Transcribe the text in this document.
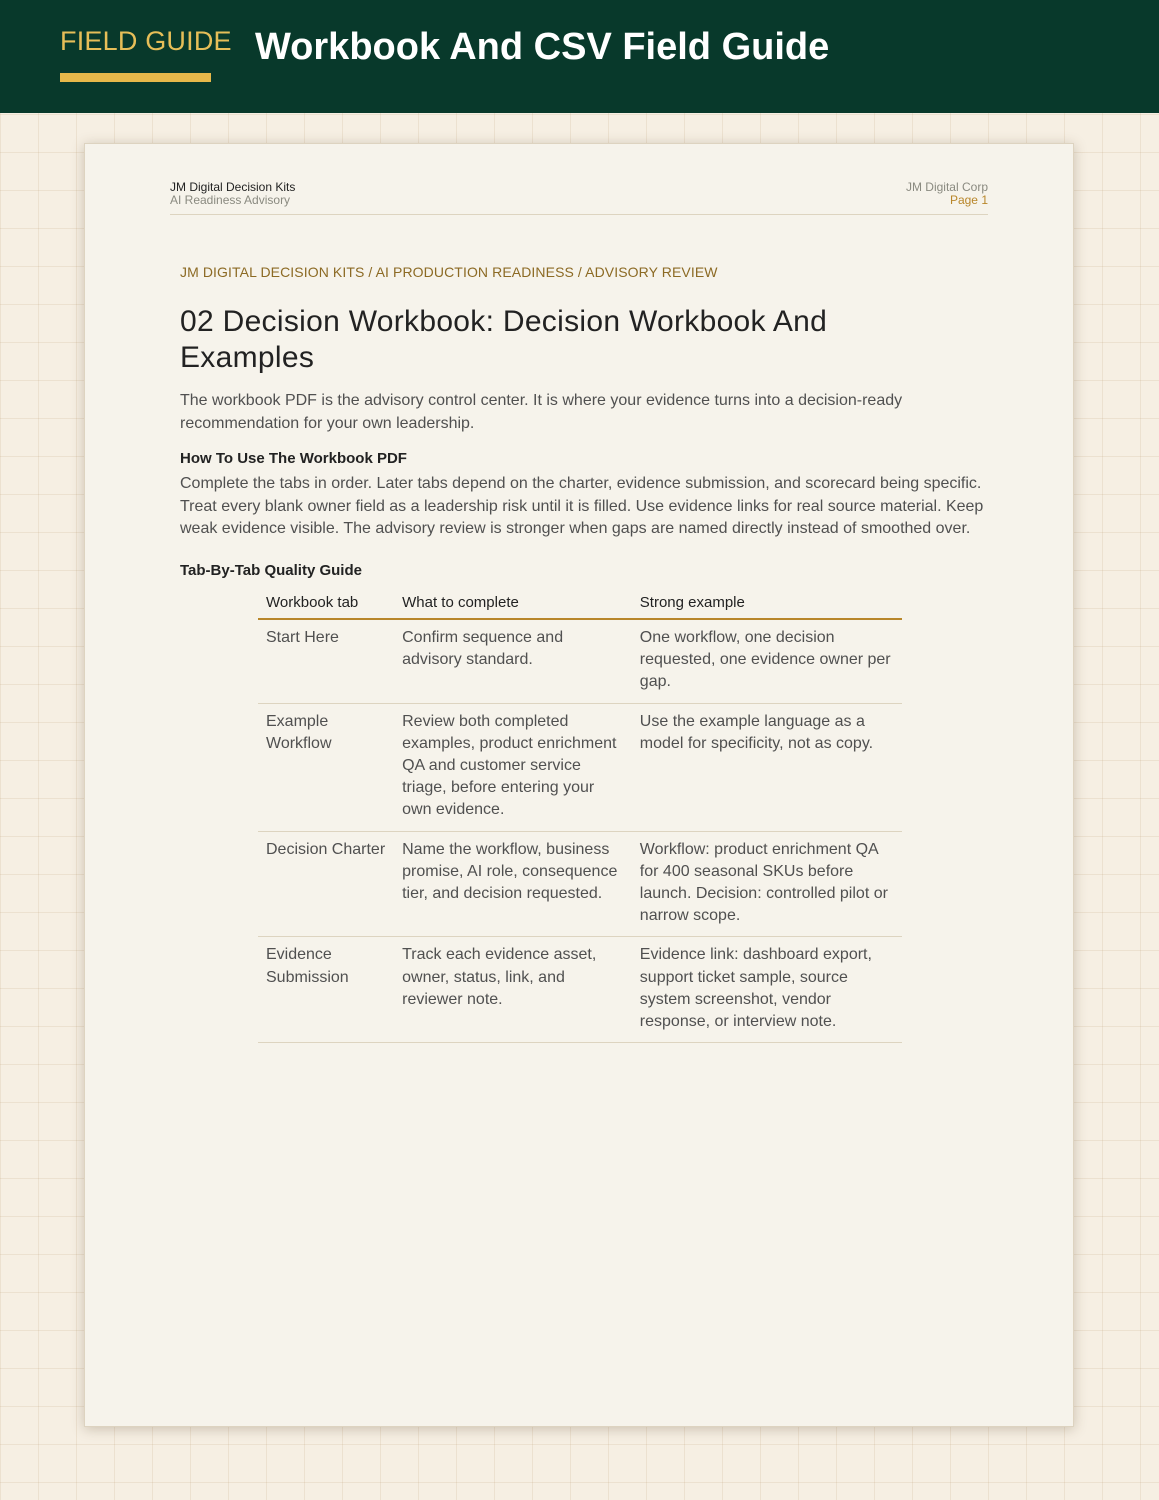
FIELD GUIDE Workbook And CSV Field Guide
JM Digital Decision Kits
AI Readiness Advisory
JM Digital Corp
Page 1
JM DIGITAL DECISION KITS / AI PRODUCTION READINESS / ADVISORY REVIEW
02 Decision Workbook: Decision Workbook And Examples

The workbook PDF is the advisory control center. It is where your evidence turns into a decision-ready recommendation for your own leadership.

How To Use The Workbook PDF

Complete the tabs in order. Later tabs depend on the charter, evidence submission, and scorecard being specific. Treat every blank owner field as a leadership risk until it is filled. Use evidence links for real source material. Keep weak evidence visible. The advisory review is stronger when gaps are named directly instead of smoothed over.

Tab-By-Tab Quality Guide
Workbook tab	What to complete	Strong example
Start Here	Confirm sequence and advisory standard.	One workflow, one decision requested, one evidence owner per gap.
Example Workflow	Review both completed examples, product enrichment QA and customer service triage, before entering your own evidence.	Use the example language as a model for specificity, not as copy.
Decision Charter	Name the workflow, business promise, AI role, consequence tier, and decision requested.	Workflow: product enrichment QA for 400 seasonal SKUs before launch. Decision: controlled pilot or narrow scope.
Evidence Submission	Track each evidence asset, owner, status, link, and reviewer note.	Evidence link: dashboard export, support ticket sample, source system screenshot, vendor response, or interview note.
